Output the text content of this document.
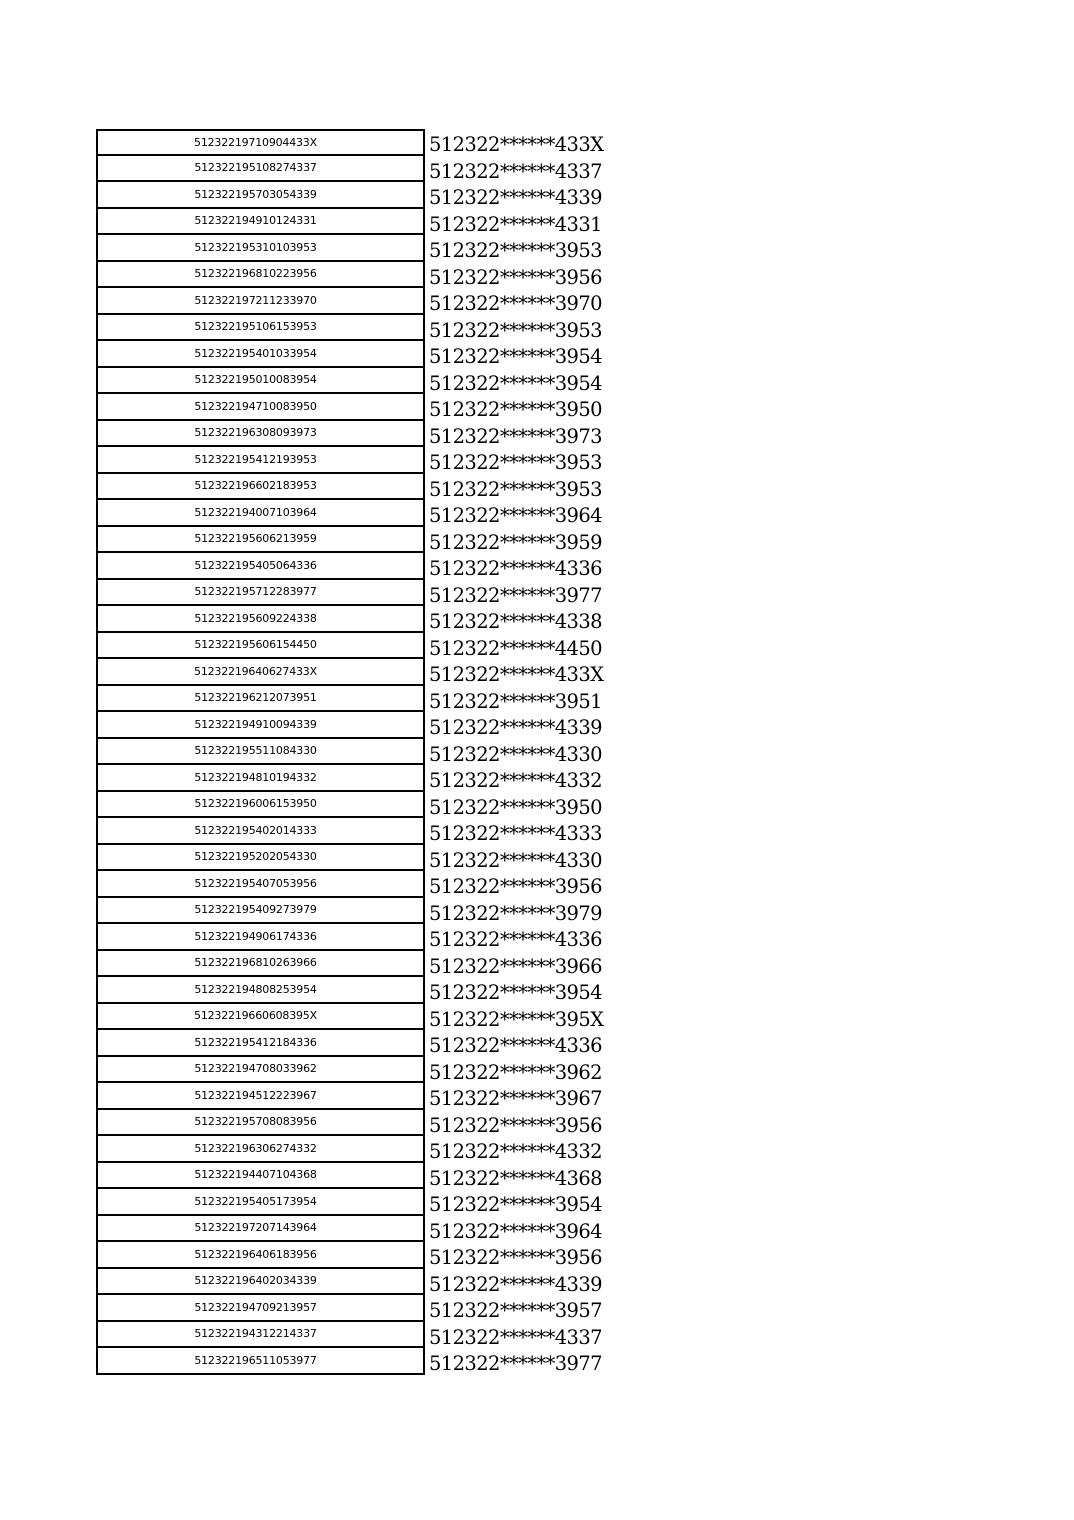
51232219710904433X	512322******433X
512322195108274337	512322******4337
512322195703054339	512322******4339
512322194910124331	512322******4331
512322195310103953	512322******3953
512322196810223956	512322******3956
512322197211233970	512322******3970
512322195106153953	512322******3953
512322195401033954	512322******3954
512322195010083954	512322******3954
512322194710083950	512322******3950
512322196308093973	512322******3973
512322195412193953	512322******3953
512322196602183953	512322******3953
512322194007103964	512322******3964
512322195606213959	512322******3959
512322195405064336	512322******4336
512322195712283977	512322******3977
512322195609224338	512322******4338
512322195606154450	512322******4450
51232219640627433X	512322******433X
512322196212073951	512322******3951
512322194910094339	512322******4339
512322195511084330	512322******4330
512322194810194332	512322******4332
512322196006153950	512322******3950
512322195402014333	512322******4333
512322195202054330	512322******4330
512322195407053956	512322******3956
512322195409273979	512322******3979
512322194906174336	512322******4336
512322196810263966	512322******3966
512322194808253954	512322******3954
51232219660608395X	512322******395X
512322195412184336	512322******4336
512322194708033962	512322******3962
512322194512223967	512322******3967
512322195708083956	512322******3956
512322196306274332	512322******4332
512322194407104368	512322******4368
512322195405173954	512322******3954
512322197207143964	512322******3964
512322196406183956	512322******3956
512322196402034339	512322******4339
512322194709213957	512322******3957
512322194312214337	512322******4337
512322196511053977	512322******3977
